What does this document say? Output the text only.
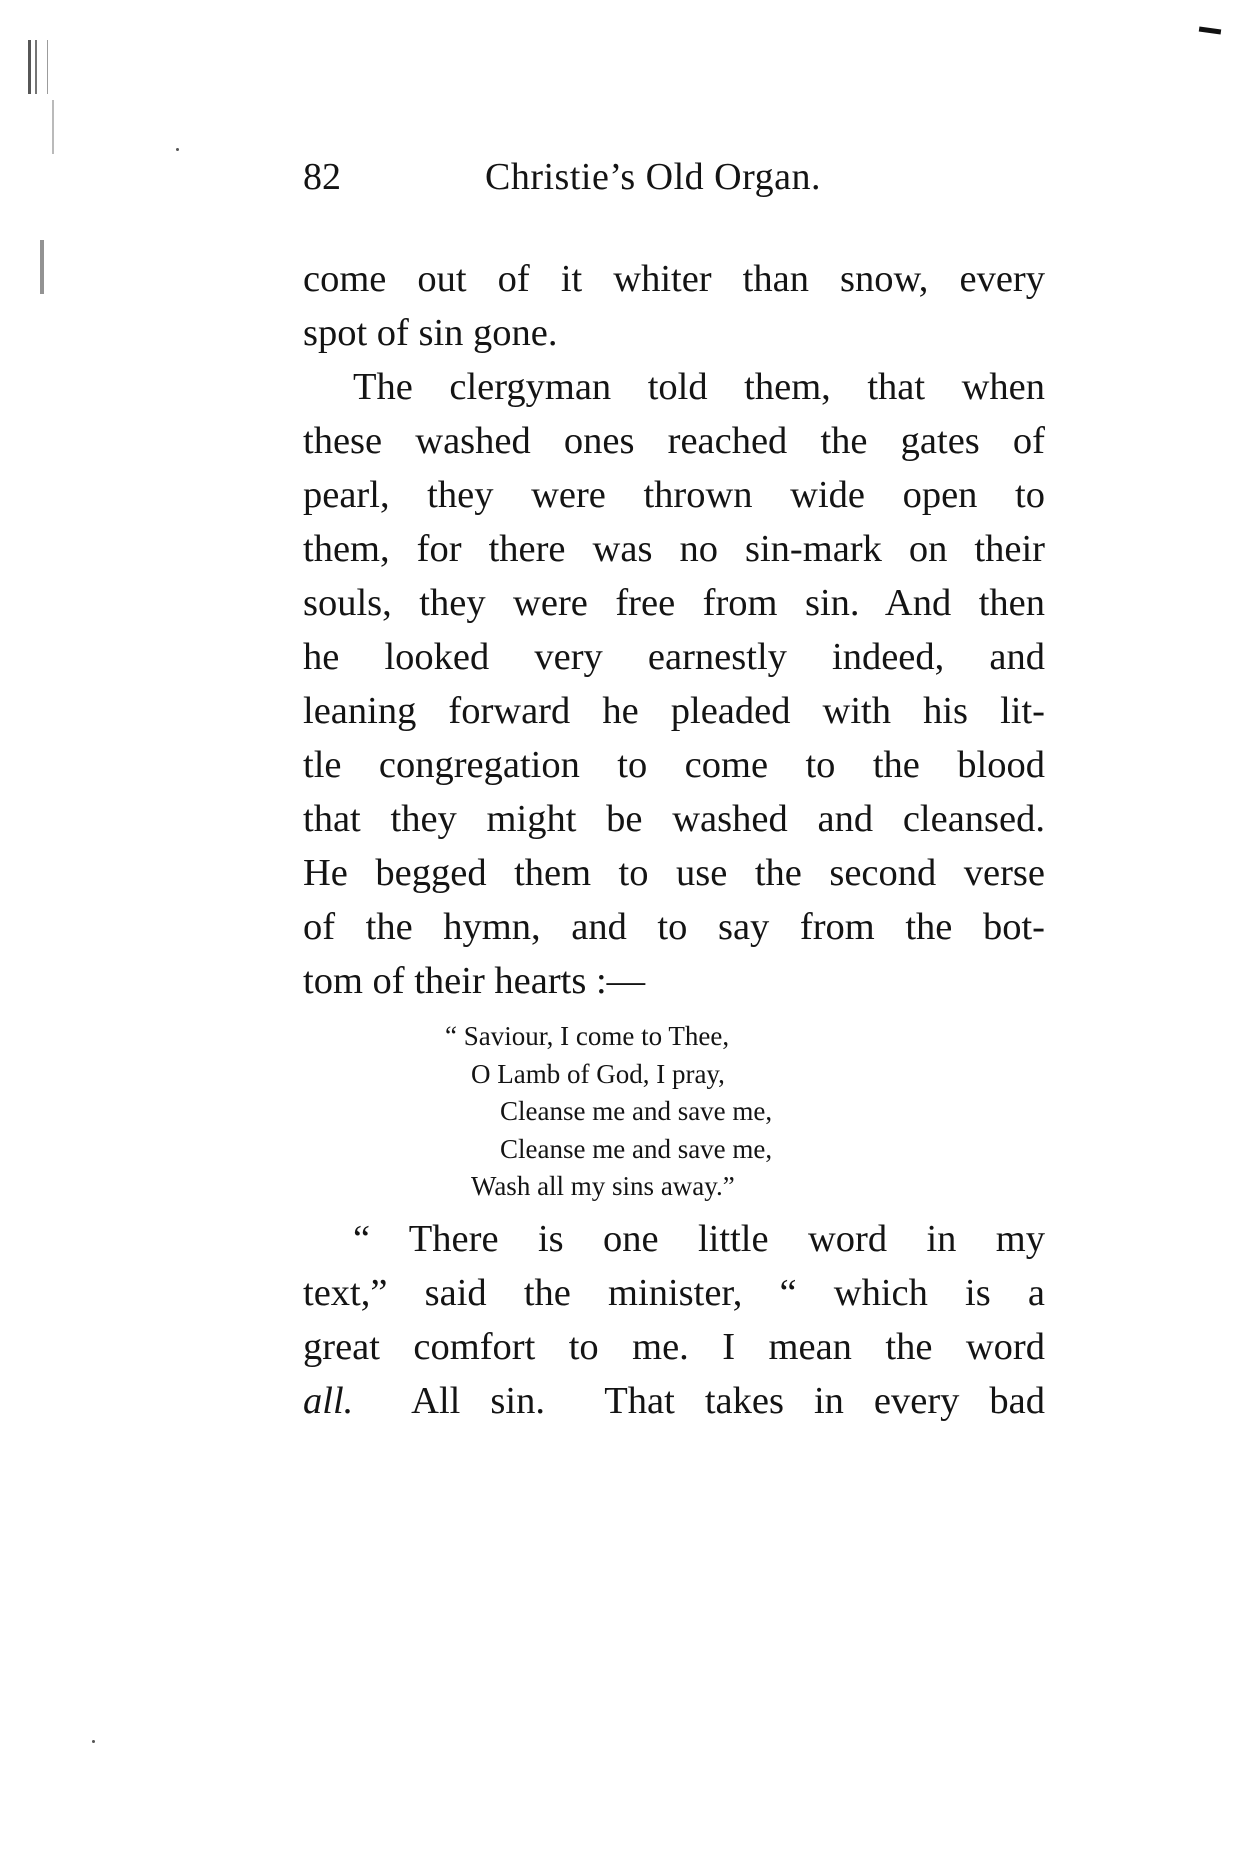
82	Christie’s Old Organ.
come out of it whiter than snow, every
spot of sin gone.
The clergyman told them, that when
these washed ones reached the gates of
pearl, they were thrown wide open to
them, for there was no sin-mark on their
souls, they were free from sin. And then
he looked very earnestly indeed, and
leaning forward he pleaded with his lit-
tle congregation to come to the blood
that they might be washed and cleansed.
He begged them to use the second verse
of the hymn, and to say from the bot-
tom of their hearts :—
“ Saviour, I come to Thee,
O Lamb of God, I pray,
Cleanse me and save me,
Cleanse me and save me,
Wash all my sins away.”
“ There is one little word in my
text,” said the minister, “ which is a
great comfort to me. I mean the word
all.  All sin.  That takes in every bad
